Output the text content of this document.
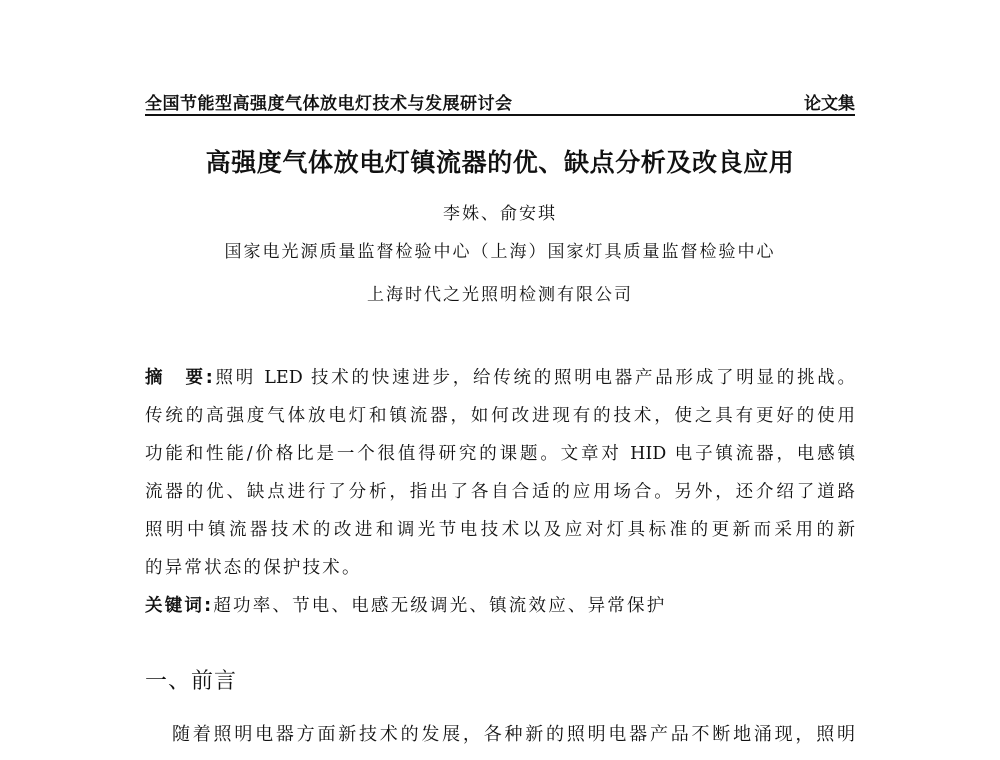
全国节能型高强度气体放电灯技术与发展研讨会	论文集
高强度气体放电灯镇流器的优、缺点分析及改良应用
李姝、俞安琪
国家电光源质量监督检验中心（上海）国家灯具质量监督检验中心
上海时代之光照明检测有限公司
摘　要:照明 LED 技术的快速进步，给传统的照明电器产品形成了明显的挑战。
传统的高强度气体放电灯和镇流器，如何改进现有的技术，使之具有更好的使用
功能和性能/价格比是一个很值得研究的课题。文章对 HID 电子镇流器，电感镇
流器的优、缺点进行了分析，指出了各自合适的应用场合。另外，还介绍了道路
照明中镇流器技术的改进和调光节电技术以及应对灯具标准的更新而采用的新
的异常状态的保护技术。
关键词:超功率、节电、电感无级调光、镇流效应、异常保护
一、前言
随着照明电器方面新技术的发展，各种新的照明电器产品不断地涌现，照明
